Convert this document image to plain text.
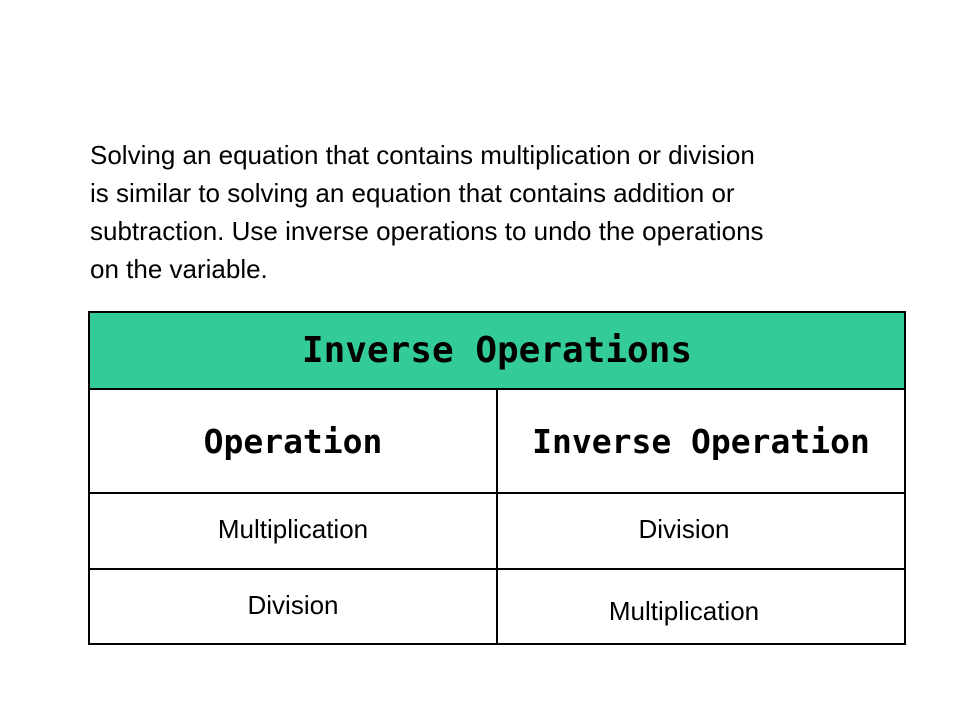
Solving an equation that contains multiplication or division
is similar to solving an equation that contains addition or
subtraction. Use inverse operations to undo the operations
on the variable.

Inverse Operations
Operation	Inverse Operation
Multiplication	Division
Division	Multiplication
